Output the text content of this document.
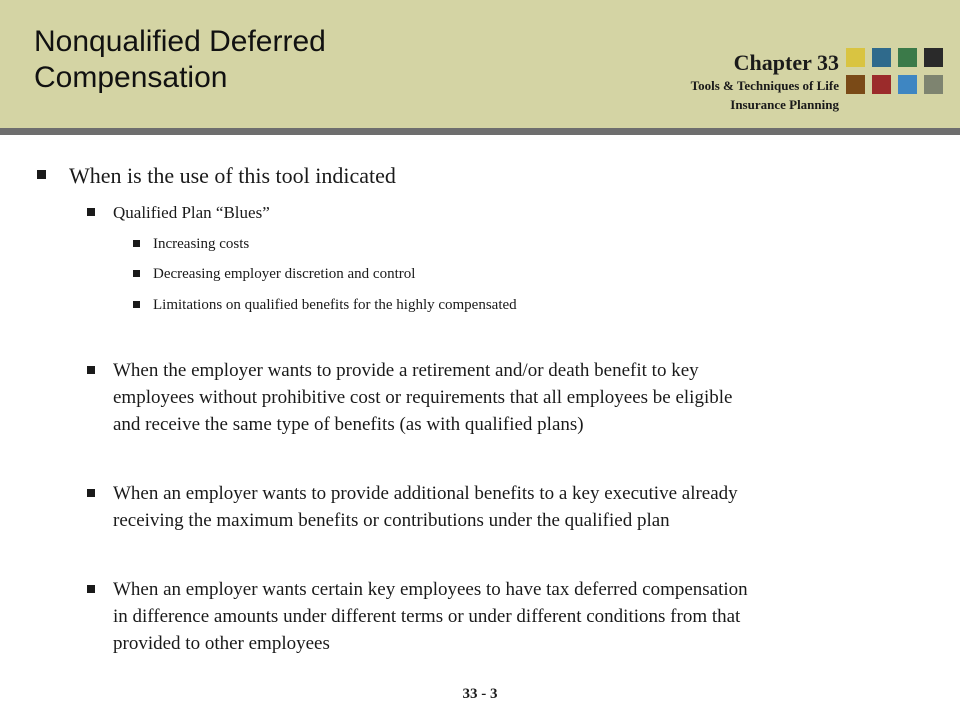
Nonqualified Deferred
Compensation	Chapter 33
Tools & Techniques of Life
Insurance Planning
When is the use of this tool indicated
Qualified Plan “Blues”
Increasing costs
Decreasing employer discretion and control
Limitations on qualified benefits for the highly compensated
When the employer wants to provide a retirement and/or death benefit to key
employees without prohibitive cost or requirements that all employees be eligible
and receive the same type of benefits (as with qualified plans)
When an employer wants to provide additional benefits to a key executive already
receiving the maximum benefits or contributions under the qualified plan
When an employer wants certain key employees to have tax deferred compensation
in difference amounts under different terms or under different conditions from that
provided to other employees
33 - 3
